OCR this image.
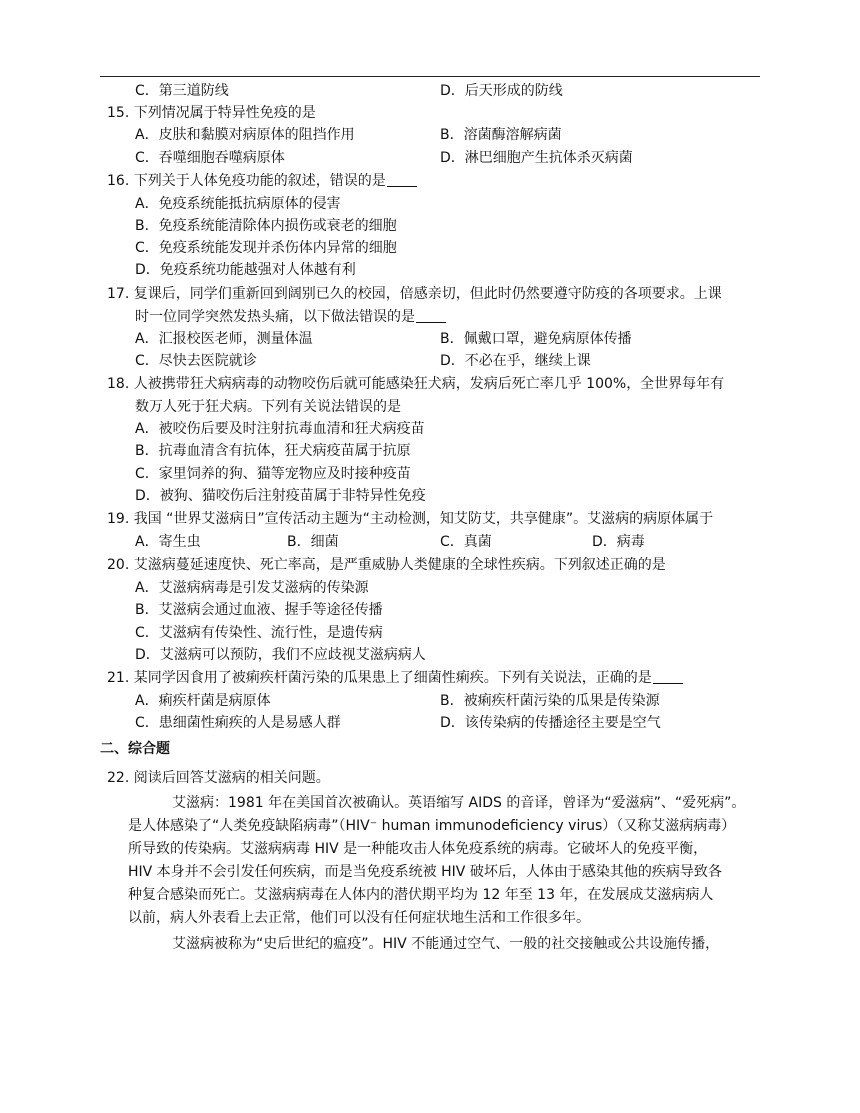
C．第三道防线	D．后天形成的防线
15. 下列情况属于特异性免疫的是
A．皮肤和黏膜对病原体的阻挡作用	B．溶菌酶溶解病菌
C．吞噬细胞吞噬病原体	D．淋巴细胞产生抗体杀灭病菌
16. 下列关于人体免疫功能的叙述，错误的是
A．免疫系统能抵抗病原体的侵害
B．免疫系统能清除体内损伤或衰老的细胞
C．免疫系统能发现并杀伤体内异常的细胞
D．免疫系统功能越强对人体越有利
17. 复课后，同学们重新回到阔别已久的校园，倍感亲切，但此时仍然要遵守防疫的各项要求。上课
时一位同学突然发热头痛，以下做法错误的是
A．汇报校医老师，测量体温	B．佩戴口罩，避免病原体传播
C．尽快去医院就诊	D．不必在乎，继续上课
18. 人被携带狂犬病病毒的动物咬伤后就可能感染狂犬病，发病后死亡率几乎 100%，全世界每年有
数万人死于狂犬病。下列有关说法错误的是
A．被咬伤后要及时注射抗毒血清和狂犬病疫苗
B．抗毒血清含有抗体，狂犬病疫苗属于抗原
C．家里饲养的狗、猫等宠物应及时接种疫苗
D．被狗、猫咬伤后注射疫苗属于非特异性免疫
19. 我国 “世界艾滋病日”宣传活动主题为“主动检测，知艾防艾，共享健康”。艾滋病的病原体属于
A．寄生虫	B．细菌	C．真菌	D．病毒
20. 艾滋病蔓延速度快、死亡率高，是严重威胁人类健康的全球性疾病。下列叙述正确的是
A．艾滋病病毒是引发艾滋病的传染源
B．艾滋病会通过血液、握手等途径传播
C．艾滋病有传染性、流行性，是遗传病
D．艾滋病可以预防，我们不应歧视艾滋病病人
21. 某同学因食用了被痢疾杆菌污染的瓜果患上了细菌性痢疾。下列有关说法，正确的是
A．痢疾杆菌是病原体	B．被痢疾杆菌污染的瓜果是传染源
C．患细菌性痢疾的人是易感人群	D．该传染病的传播途径主要是空气
二、综合题
22. 阅读后回答艾滋病的相关问题。
艾滋病：1981 年在美国首次被确认。英语缩写 AIDS 的音译，曾译为“爱滋病”、“爱死病”。
是人体感染了“人类免疫缺陷病毒”（HIV⁻ human immunodeficiency virus）（又称艾滋病病毒）
所导致的传染病。艾滋病病毒 HIV 是一种能攻击人体免疫系统的病毒。它破坏人的免疫平衡，
HIV 本身并不会引发任何疾病，而是当免疫系统被 HIV 破坏后，人体由于感染其他的疾病导致各
种复合感染而死亡。艾滋病病毒在人体内的潜伏期平均为 12 年至 13 年，在发展成艾滋病病人
以前，病人外表看上去正常，他们可以没有任何症状地生活和工作很多年。
艾滋病被称为“史后世纪的瘟疫”。HIV 不能通过空气、一般的社交接触或公共设施传播，
